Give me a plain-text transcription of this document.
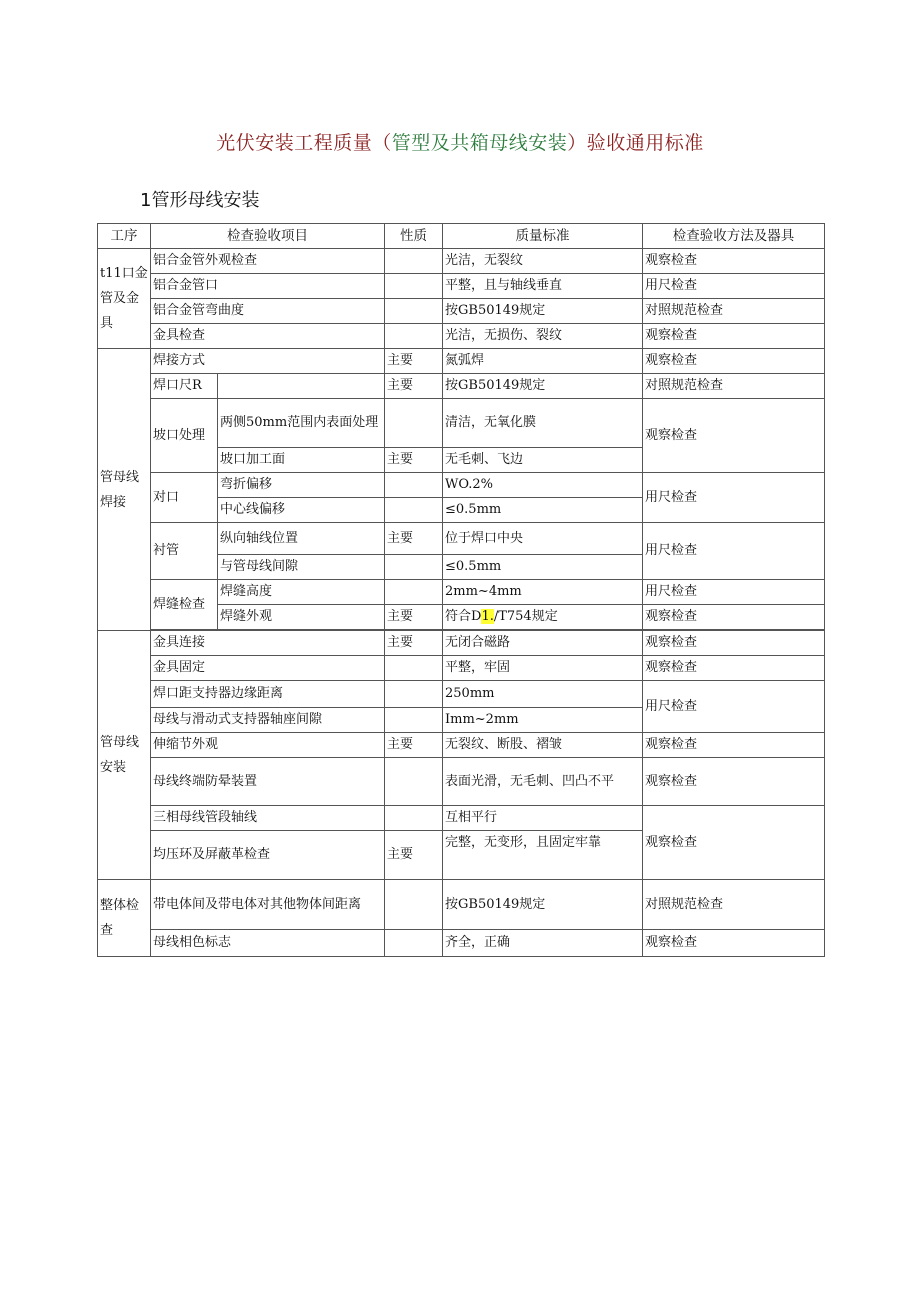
光伏安装工程质量（管型及共箱母线安装）验收通用标准
1管形母线安装
工序	检查验收项目		性质	质量标准	检查验收方法及器具
t11口金管及金具	铝合金管外观检查			光洁，无裂纹	观察检查
	铝合金管口			平整，且与轴线垂直	用尺检查
	铝合金管弯曲度			按GB50149规定	对照规范检查
	金具检查			光洁，无损伤、裂纹	观察检查
管母线焊接	焊接方式		主要	氮弧焊	观察检查
	焊口尺R		主要	按GB50149规定	对照规范检查
	坡口处理	两侧50mm范围内表面处理		清洁，无氧化膜	观察检查
		坡口加工面	主要	无毛刺、飞边	
	对口	弯折偏移		WO.2%	用尺检查
		中心线偏移		≤0.5mm	
	衬管	纵向轴线位置	主要	位于焊口中央	用尺检查
		与管母线间隙		≤0.5mm	
	焊缝检查	焊缝高度		2mm~4mm	用尺检查
		焊缝外观	主要	符合D1./T754规定	观察检查

管母线安装	金具连接		主要	无闭合磁路	观察检查
	金具固定			平整，牢固	观察检查
	焊口距支持器边缘距离			250mm	用尺检查
	母线与滑动式支持器轴座间隙			Imm~2mm	
	伸缩节外观		主要	无裂纹、断股、褶皱	观察检查
	母线终端防晕装置			表面光滑，无毛刺、凹凸不平	观察检查
	三相母线管段轴线			互相平行	观察检查
	均压环及屏蔽革检查		主要	完整，无变形，且固定牢靠	
整体检查	带电体间及带电体对其他物体间距离			按GB50149规定	对照规范检查
	母线相色标志			齐全，正确	观察检查
